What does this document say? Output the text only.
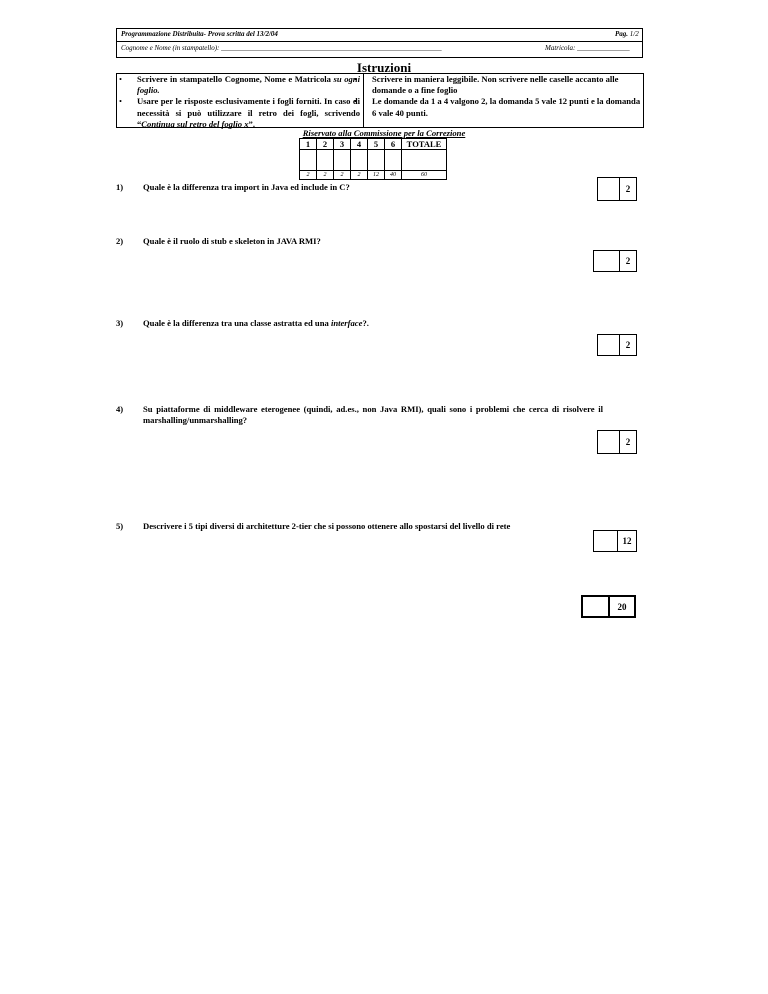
Programmazione Distribuita- Prova scritta del 13/2/04	Pag. 1/2
Cognome e Nome (in stampatello): _______________________________________________________________	Matricola: _______________
Istruzioni
• Scrivere in stampatello Cognome, Nome e Matricola su ogni foglio.
• Usare per le risposte esclusivamente i fogli forniti. In caso di necessità si può utilizzare il retro dei fogli, scrivendo “Continua sul retro del foglio x”.
• Scrivere in maniera leggibile. Non scrivere nelle caselle accanto alle domande o a fine foglio
• Le domande da 1 a 4 valgono 2, la domanda 5 vale 12 punti e la domanda 6 vale 40 punti.
Riservato alla Commissione per la Correzione
1	2	3	4	5	6	TOTALE

2	2	2	2	12	40	60
1) Quale è la differenza tra import in Java ed include in C?	2
2) Quale è il ruolo di stub e skeleton in JAVA RMI?
2
3) Quale è la differenza tra una classe astratta ed una interface?.
2
4) Su piattaforme di middleware eterogenee (quindi, ad.es., non Java RMI), quali sono i problemi che cerca di risolvere il marshalling/unmarshalling?
2
5) Descrivere i 5 tipi diversi di architetture 2-tier che si possono ottenere allo spostarsi del livello di rete
12
20
